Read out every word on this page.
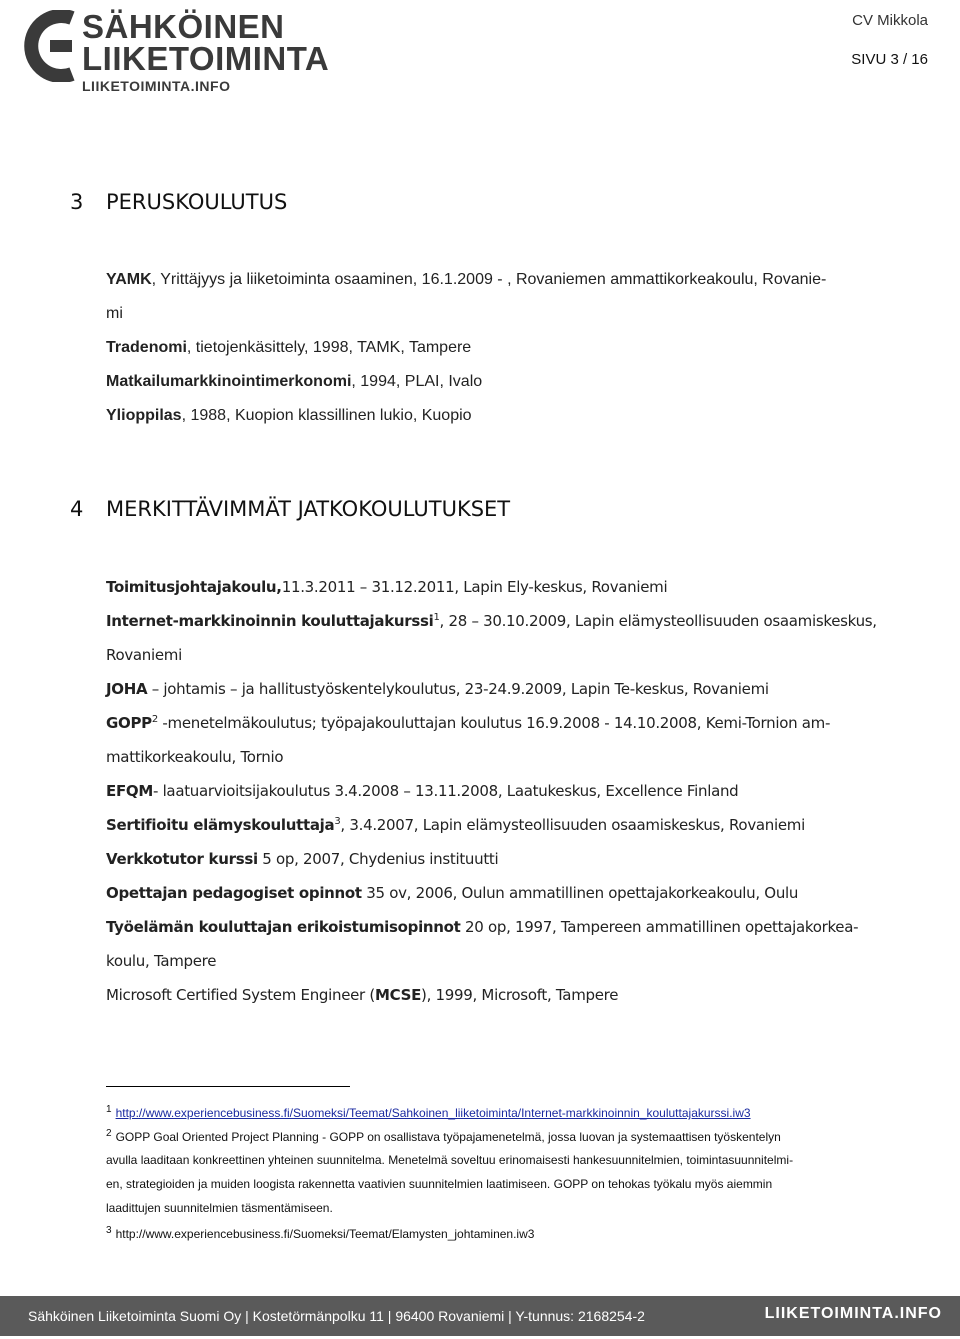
SÄHKÖINEN
LIIKETOIMINTA
LIIKETOIMINTA.INFO
CV Mikkola
SIVU 3 / 16
3 PERUSKOULUTUS
YAMK, Yrittäjyys ja liiketoiminta osaaminen, 16.1.2009 - , Rovaniemen ammattikorkeakoulu, Rovanie-
mi
Tradenomi, tietojenkäsittely, 1998, TAMK, Tampere
Matkailumarkkinointimerkonomi, 1994, PLAI, Ivalo
Ylioppilas, 1988, Kuopion klassillinen lukio, Kuopio
4 MERKITTÄVIMMÄT JATKOKOULUTUKSET
Toimitusjohtajakoulu,11.3.2011 – 31.12.2011, Lapin Ely-keskus, Rovaniemi
Internet-markkinoinnin kouluttajakurssi$^1$, 28 – 30.10.2009, Lapin elämysteollisuuden osaamiskeskus,
Rovaniemi
JOHA – johtamis – ja hallitustyöskentelykoulutus, 23-24.9.2009, Lapin Te-keskus, Rovaniemi
GOPP$^2$ -menetelmäkoulutus; työpajakouluttajan koulutus 16.9.2008 - 14.10.2008, Kemi-Tornion am-
mattikorkeakoulu, Tornio
EFQM- laatuarvioitsijakoulutus 3.4.2008 – 13.11.2008, Laatukeskus, Excellence Finland
Sertifioitu elämyskouluttaja$^3$, 3.4.2007, Lapin elämysteollisuuden osaamiskeskus, Rovaniemi
Verkkotutor kurssi 5 op, 2007, Chydenius instituutti
Opettajan pedagogiset opinnot 35 ov, 2006, Oulun ammatillinen opettajakorkeakoulu, Oulu
Työelämän kouluttajan erikoistumisopinnot 20 op, 1997, Tampereen ammatillinen opettajakorkea-
koulu, Tampere
Microsoft Certified System Engineer (MCSE), 1999, Microsoft, Tampere
$^1$ http://www.experiencebusiness.fi/Suomeksi/Teemat/Sahkoinen_liiketoiminta/Internet-markkinoinnin_kouluttajakurssi.iw3
$^2$ GOPP Goal Oriented Project Planning - GOPP on osallistava työpajamenetelmä, jossa luovan ja systemaattisen työskentelyn
avulla laaditaan konkreettinen yhteinen suunnitelma. Menetelmä soveltuu erinomaisesti hankesuunnitelmien, toimintasuunnitelmi-
en, strategioiden ja muiden loogista rakennetta vaativien suunnitelmien laatimiseen. GOPP on tehokas työkalu myös aiemmin
laadittujen suunnitelmien täsmentämiseen.
$^3$ http://www.experiencebusiness.fi/Suomeksi/Teemat/Elamysten_johtaminen.iw3
Sähköinen Liiketoiminta Suomi Oy | Kostetörmänpolku 11 | 96400 Rovaniemi | Y-tunnus: 2168254-2	LIIKETOIMINTA.INFO
